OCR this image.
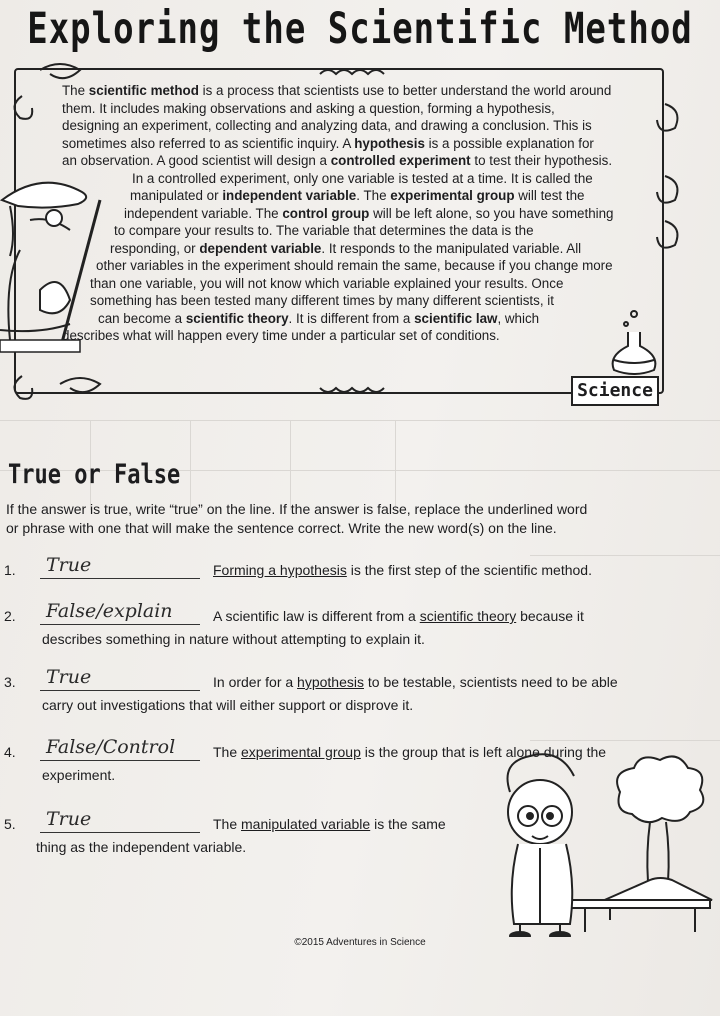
Exploring the Scientific Method

The scientific method is a process that scientists use to better understand the world around

them. It includes making observations and asking a question, forming a hypothesis,

designing an experiment, collecting and analyzing data, and drawing a conclusion. This is

sometimes also referred to as scientific inquiry. A hypothesis is a possible explanation for

an observation. A good scientist will design a controlled experiment to test their hypothesis.

In a controlled experiment, only one variable is tested at a time. It is called the

manipulated or independent variable. The experimental group will test the

independent variable. The control group will be left alone, so you have something

to compare your results to. The variable that determines the data is the

responding, or dependent variable. It responds to the manipulated variable. All

other variables in the experiment should remain the same, because if you change more

than one variable, you will not know which variable explained your results. Once

something has been tested many different times by many different scientists, it

can become a scientific theory. It is different from a scientific law, which

describes what will happen every time under a particular set of conditions.

Science
True or False
If the answer is true, write “true” on the line. If the answer is false, replace the underlined word
or phrase with one that will make the sentence correct. Write the new word(s) on the line.
1. True	Forming a hypothesis is the first step of the scientific method.
2. False/explain	A scientific law is different from a scientific theory because it
describes something in nature without attempting to explain it.
3. True	In order for a hypothesis to be testable, scientists need to be able
carry out investigations that will either support or disprove it.
4. False/Control	The experimental group is the group that is left alone during the
experiment.
5. True	The manipulated variable is the same
thing as the independent variable.
©2015 Adventures in Science
